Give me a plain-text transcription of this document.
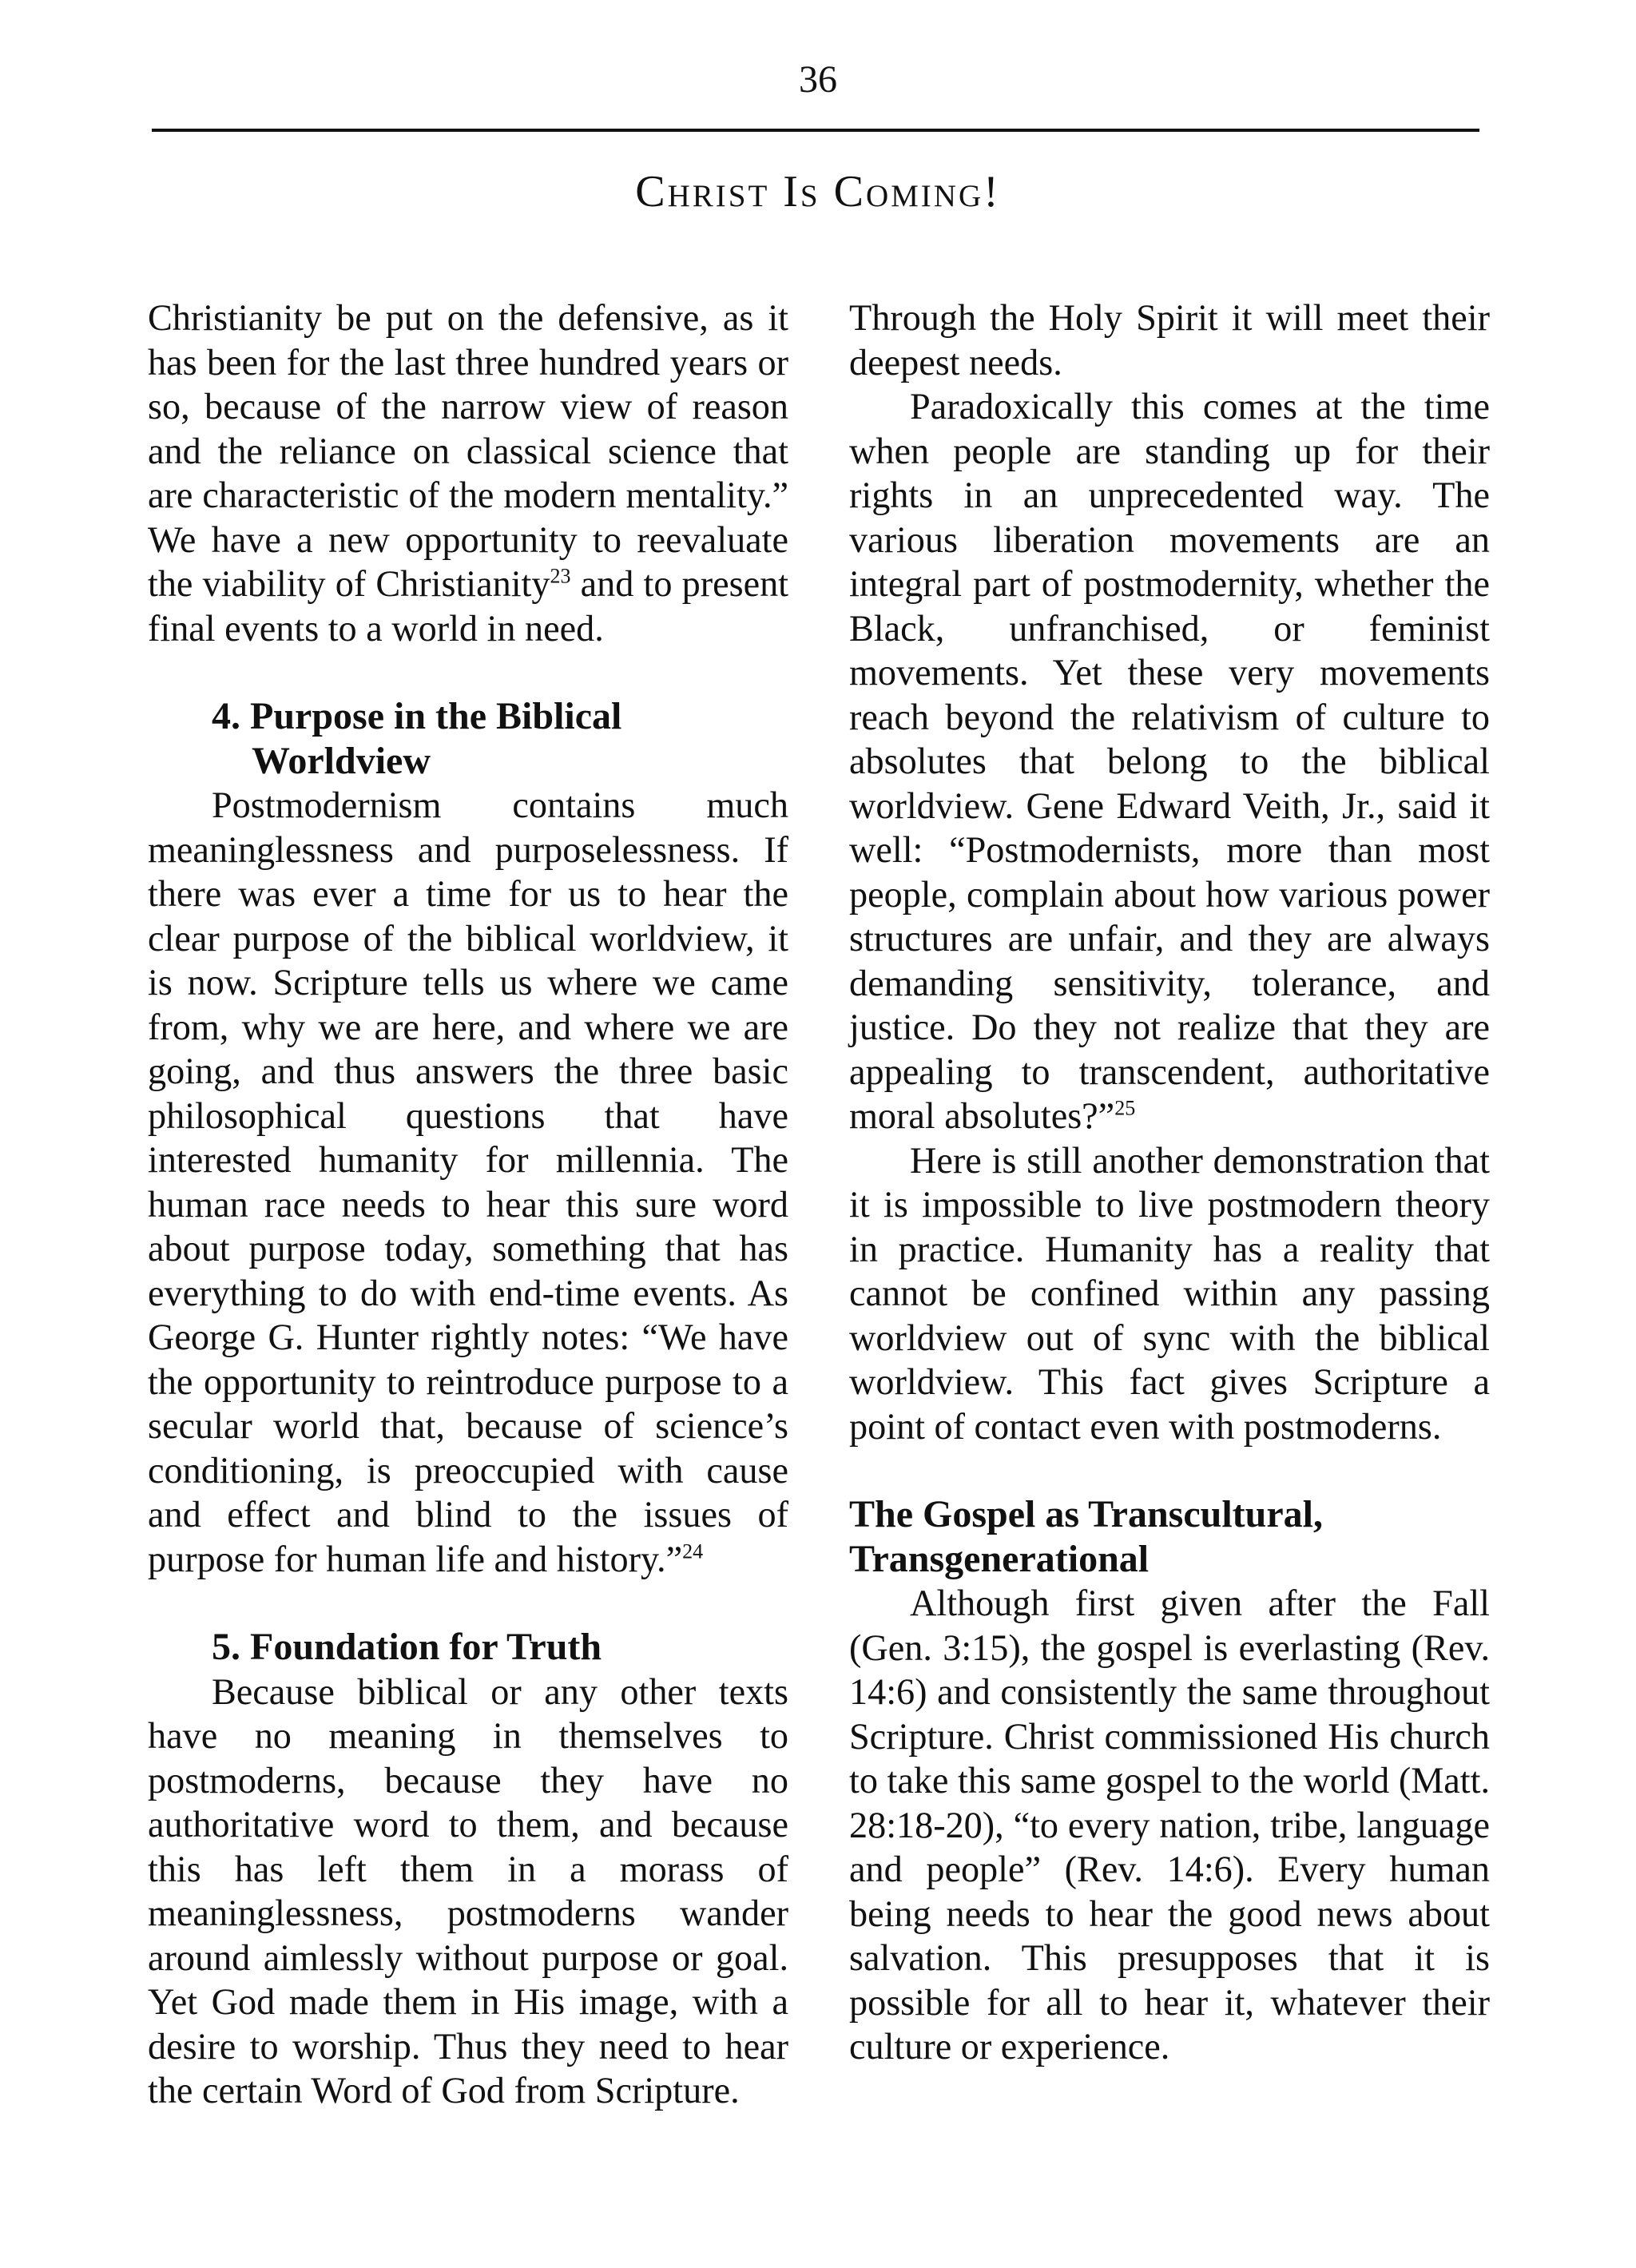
36
Christ Is Coming!

Christianity be put on the defensive, as it has been for the last three hundred years or so, because of the narrow view of reason and the reliance on classical science that are characteristic of the modern mentality.” We have a new opportunity to reevaluate the viability of Christianity$^{23}$ and to present final events to a world in need.

4. Purpose in the Biblical
Worldview

Postmodernism contains much meaninglessness and purposelessness. If there was ever a time for us to hear the clear purpose of the biblical worldview, it is now. Scripture tells us where we came from, why we are here, and where we are going, and thus answers the three basic philosophical questions that have interested humanity for millennia. The human race needs to hear this sure word about purpose today, something that has everything to do with end-time events. As George G. Hunter rightly notes: “We have the opportunity to reintroduce purpose to a secular world that, because of science’s conditioning, is preoccupied with cause and effect and blind to the issues of purpose for human life and history.”$^{24}$

5. Foundation for Truth

Because biblical or any other texts have no meaning in themselves to postmoderns, because they have no authoritative word to them, and because this has left them in a morass of meaninglessness, postmoderns wander around aimlessly without purpose or goal. Yet God made them in His image, with a desire to worship. Thus they need to hear the certain Word of God from Scripture.

Through the Holy Spirit it will meet their deepest needs.

Paradoxically this comes at the time when people are standing up for their rights in an unprecedented way. The various liberation movements are an integral part of postmodernity, whether the Black, unfranchised, or feminist movements. Yet these very movements reach beyond the relativism of culture to absolutes that belong to the biblical worldview. Gene Edward Veith, Jr., said it well: “Postmodernists, more than most people, complain about how various power structures are unfair, and they are always demanding sensitivity, tolerance, and justice. Do they not realize that they are appealing to transcendent, authoritative moral absolutes?”$^{25}$

Here is still another demonstration that it is impossible to live postmodern theory in practice. Humanity has a reality that cannot be confined within any passing worldview out of sync with the biblical worldview. This fact gives Scripture a point of contact even with postmoderns.

The Gospel as Transcultural,
Transgenerational

Although first given after the Fall (Gen. 3:15), the gospel is everlasting (Rev. 14:6) and consistently the same throughout Scripture. Christ commissioned His church to take this same gospel to the world (Matt. 28:18-20), “to every nation, tribe, language and people” (Rev. 14:6). Every human being needs to hear the good news about salvation. This presupposes that it is possible for all to hear it, whatever their culture or experience.
